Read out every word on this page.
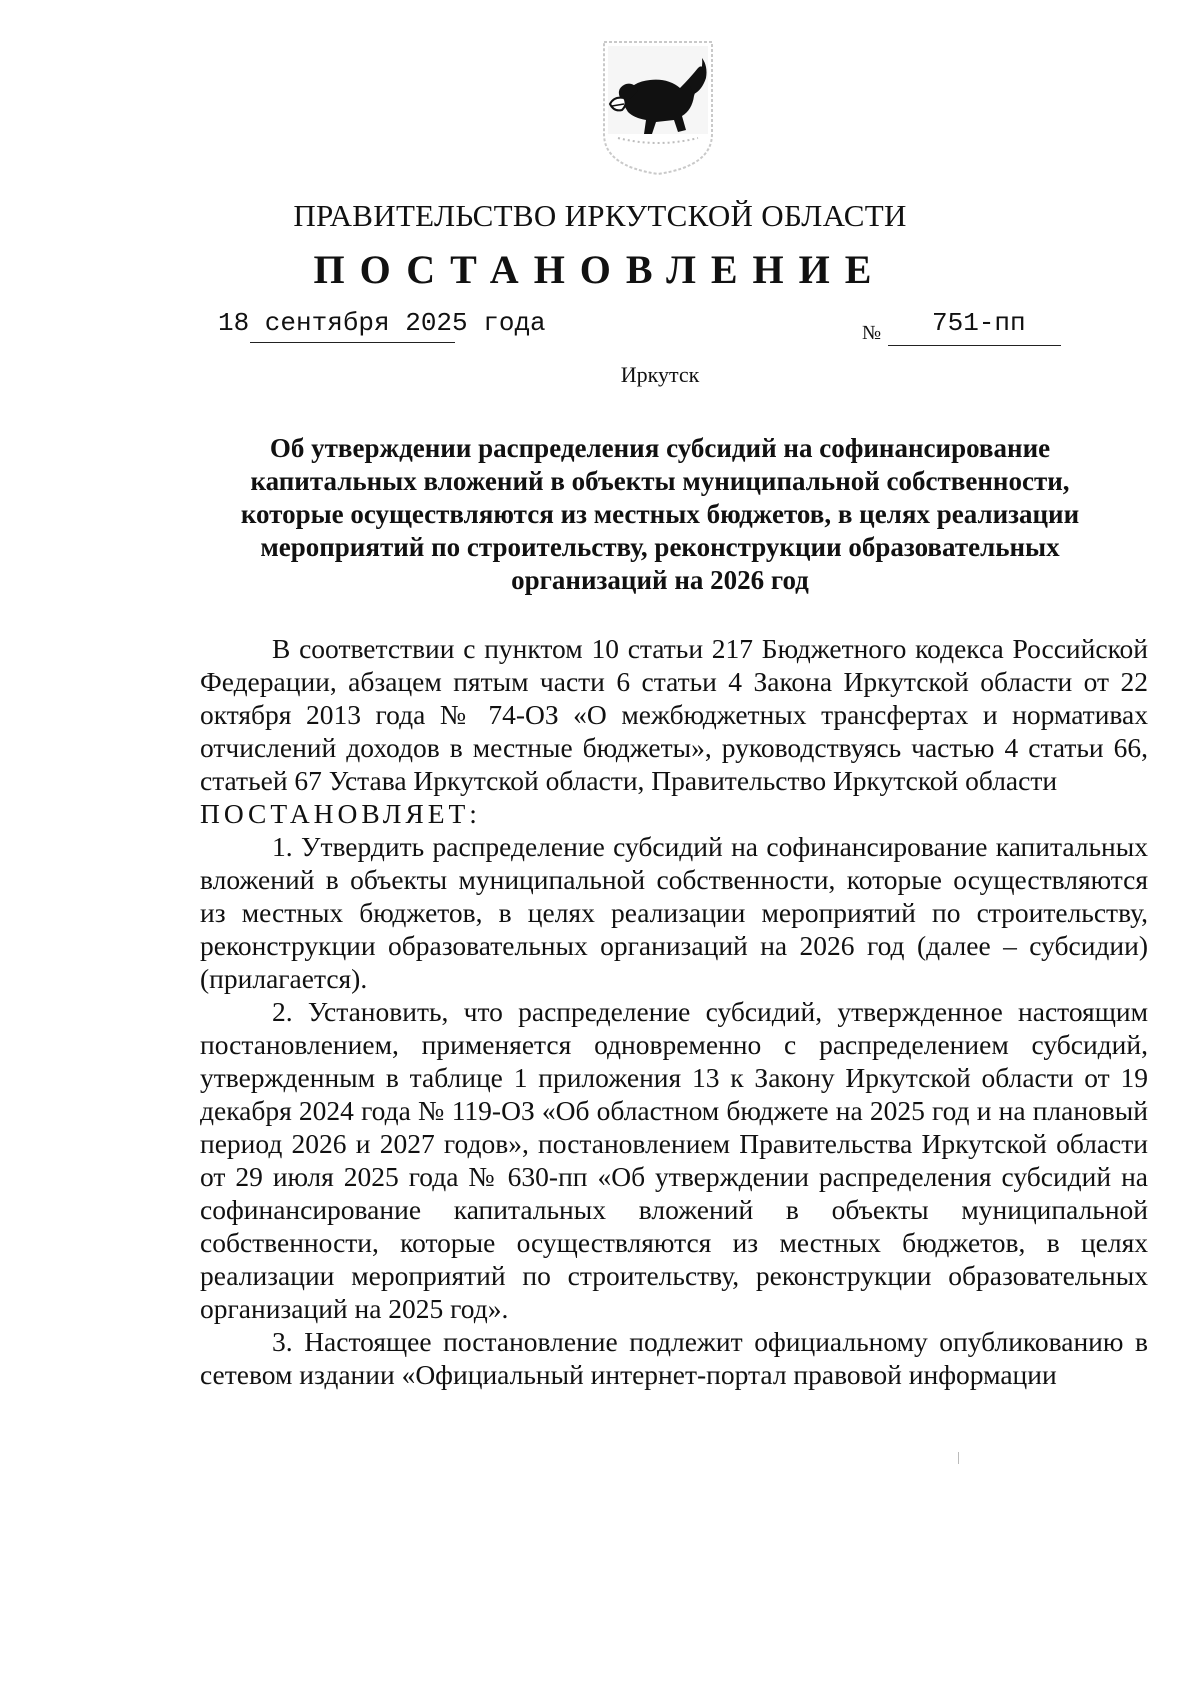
ПРАВИТЕЛЬСТВО ИРКУТСКОЙ ОБЛАСТИ
ПОСТАНОВЛЕНИЕ
18 сентября 2025 года	№ 751-пп
Иркутск
Об утверждении распределения субсидий на софинансирование капитальных вложений в объекты муниципальной собственности, которые осуществляются из местных бюджетов, в целях реализации мероприятий по строительству, реконструкции образовательных организаций на 2026 год

В соответствии с пунктом 10 статьи 217 Бюджетного кодекса Российской Федерации, абзацем пятым части 6 статьи 4 Закона Иркутской области от 22 октября 2013 года № 74-ОЗ «О межбюджетных трансфертах и нормативах отчислений доходов в местные бюджеты», руководствуясь частью 4 статьи 66, статьей 67 Устава Иркутской области, Правительство Иркутской области

ПОСТАНОВЛЯЕТ:

1. Утвердить распределение субсидий на софинансирование капитальных вложений в объекты муниципальной собственности, которые осуществляются из местных бюджетов, в целях реализации мероприятий по строительству, реконструкции образовательных организаций на 2026 год (далее – субсидии) (прилагается).

2. Установить, что распределение субсидий, утвержденное настоящим постановлением, применяется одновременно с распределением субсидий, утвержденным в таблице 1 приложения 13 к Закону Иркутской области от 19 декабря 2024 года № 119-ОЗ «Об областном бюджете на 2025 год и на плановый период 2026 и 2027 годов», постановлением Правительства Иркутской области от 29 июля 2025 года № 630-пп «Об утверждении распределения субсидий на софинансирование капитальных вложений в объекты муниципальной собственности, которые осуществляются из местных бюджетов, в целях реализации мероприятий по строительству, реконструкции образовательных организаций на 2025 год».

3. Настоящее постановление подлежит официальному опубликованию в сетевом издании «Официальный интернет-портал правовой информации
